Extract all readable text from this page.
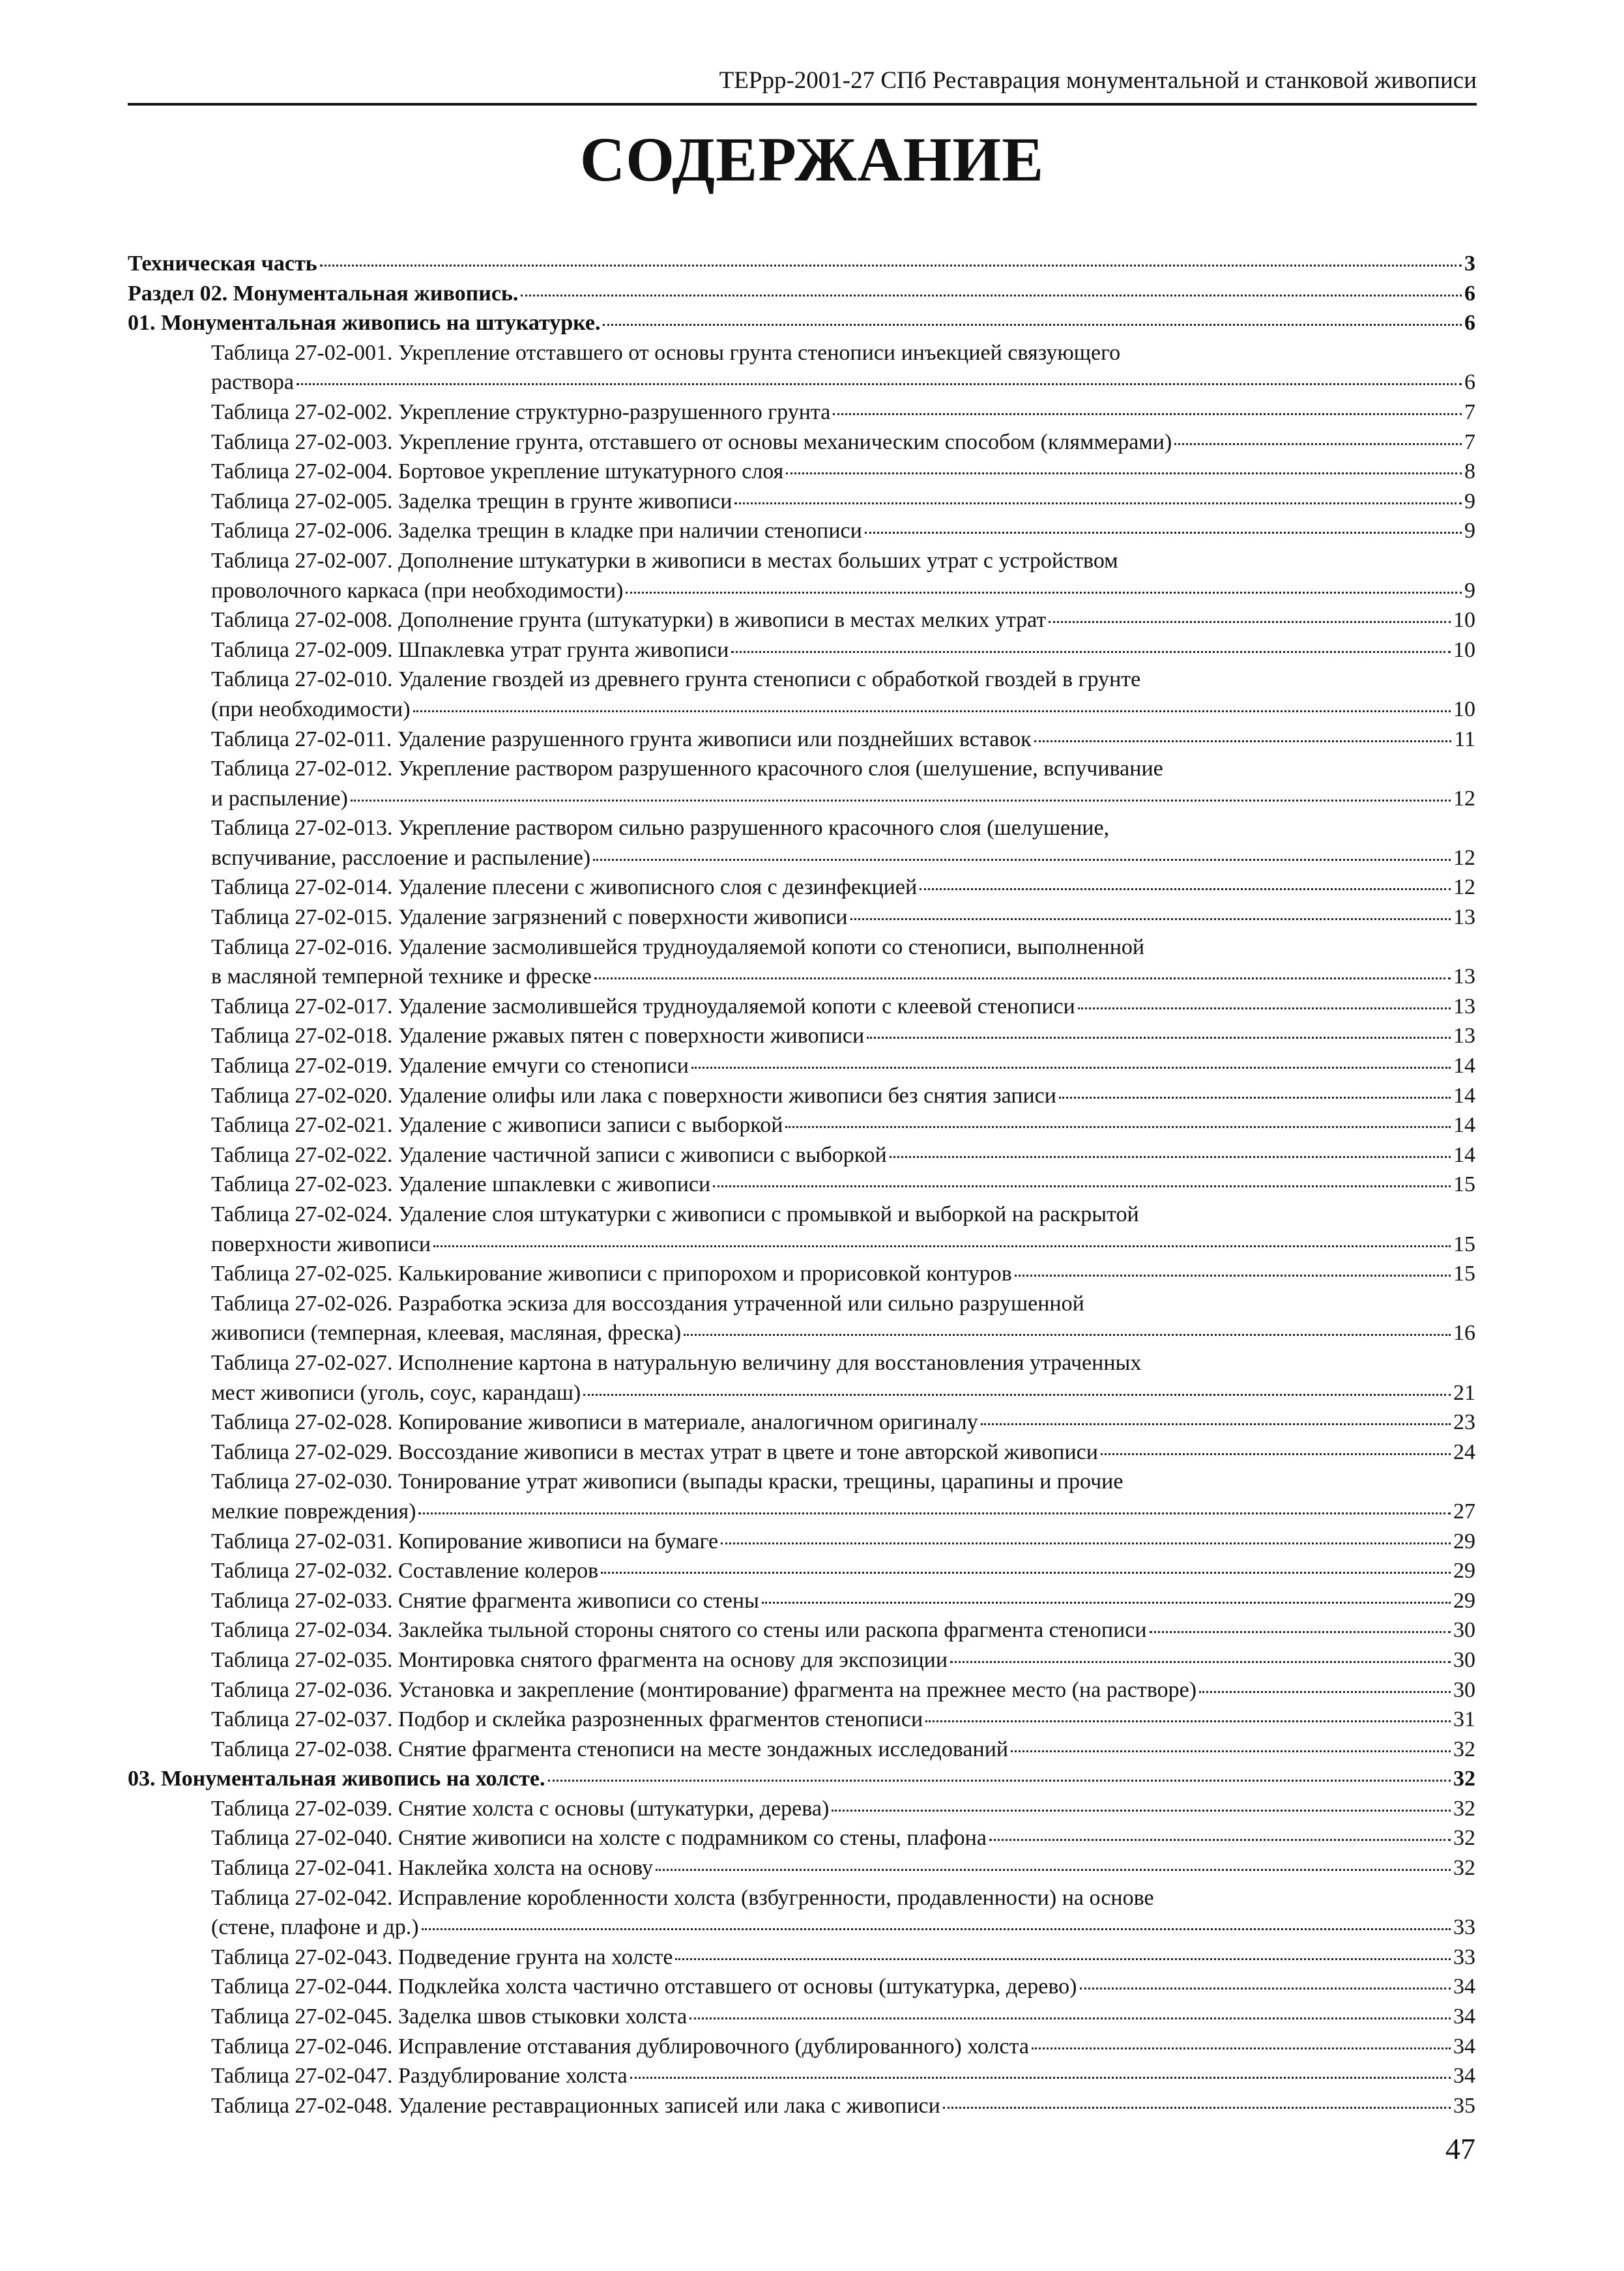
ТЕРрр-2001-27 СПб Реставрация монументальной и станковой живописи
СОДЕРЖАНИЕ
Техническая часть	3
Раздел 02. Монументальная живопись.	6
01. Монументальная живопись на штукатурке.	6
Таблица 27-02-001. Укрепление отставшего от основы грунта стенописи инъекцией связующего
раствора	6
Таблица 27-02-002. Укрепление структурно-разрушенного грунта	7
Таблица 27-02-003. Укрепление грунта, отставшего от основы механическим способом (кляммерами)	7
Таблица 27-02-004. Бортовое укрепление штукатурного слоя	8
Таблица 27-02-005. Заделка трещин в грунте живописи	9
Таблица 27-02-006. Заделка трещин в кладке при наличии стенописи	9
Таблица 27-02-007. Дополнение штукатурки в живописи в местах больших утрат с устройством
проволочного каркаса (при необходимости)	9
Таблица 27-02-008. Дополнение грунта (штукатурки) в живописи в местах мелких утрат	10
Таблица 27-02-009. Шпаклевка утрат грунта живописи	10
Таблица 27-02-010. Удаление гвоздей из древнего грунта стенописи с обработкой гвоздей в грунте
(при необходимости)	10
Таблица 27-02-011. Удаление разрушенного грунта живописи или позднейших вставок	11
Таблица 27-02-012. Укрепление раствором разрушенного красочного слоя (шелушение, вспучивание
и распыление)	12
Таблица 27-02-013. Укрепление раствором сильно разрушенного красочного слоя (шелушение,
вспучивание, расслоение и распыление)	12
Таблица 27-02-014. Удаление плесени с живописного слоя с дезинфекцией	12
Таблица 27-02-015. Удаление загрязнений с поверхности живописи	13
Таблица 27-02-016. Удаление засмолившейся трудноудаляемой копоти со стенописи, выполненной
в масляной темперной технике и фреске	13
Таблица 27-02-017. Удаление засмолившейся трудноудаляемой копоти с клеевой стенописи	13
Таблица 27-02-018. Удаление ржавых пятен с поверхности живописи	13
Таблица 27-02-019. Удаление емчуги со стенописи	14
Таблица 27-02-020. Удаление олифы или лака с поверхности живописи без снятия записи	14
Таблица 27-02-021. Удаление с живописи записи с выборкой	14
Таблица 27-02-022. Удаление частичной записи с живописи с выборкой	14
Таблица 27-02-023. Удаление шпаклевки с живописи	15
Таблица 27-02-024. Удаление слоя штукатурки с живописи с промывкой и выборкой на раскрытой
поверхности живописи	15
Таблица 27-02-025. Калькирование живописи с припорохом и прорисовкой контуров	15
Таблица 27-02-026. Разработка эскиза для воссоздания утраченной или сильно разрушенной
живописи (темперная, клеевая, масляная, фреска)	16
Таблица 27-02-027. Исполнение картона в натуральную величину для восстановления утраченных
мест живописи (уголь, соус, карандаш)	21
Таблица 27-02-028. Копирование живописи в материале, аналогичном оригиналу	23
Таблица 27-02-029. Воссоздание живописи в местах утрат в цвете и тоне авторской живописи	24
Таблица 27-02-030. Тонирование утрат живописи (выпады краски, трещины, царапины и прочие
мелкие повреждения)	27
Таблица 27-02-031. Копирование живописи на бумаге	29
Таблица 27-02-032. Составление колеров	29
Таблица 27-02-033. Снятие фрагмента живописи со стены	29
Таблица 27-02-034. Заклейка тыльной стороны снятого со стены или раскопа фрагмента стенописи	30
Таблица 27-02-035. Монтировка снятого фрагмента на основу для экспозиции	30
Таблица 27-02-036. Установка и закрепление (монтирование) фрагмента на прежнее место (на растворе)	30
Таблица 27-02-037. Подбор и склейка разрозненных фрагментов стенописи	31
Таблица 27-02-038. Снятие фрагмента стенописи на месте зондажных исследований	32
03. Монументальная живопись на холсте.	32
Таблица 27-02-039. Снятие холста с основы (штукатурки, дерева)	32
Таблица 27-02-040. Снятие живописи на холсте с подрамником со стены, плафона	32
Таблица 27-02-041. Наклейка холста на основу	32
Таблица 27-02-042. Исправление коробленности холста (взбугренности, продавленности) на основе
(стене, плафоне и др.)	33
Таблица 27-02-043. Подведение грунта на холсте	33
Таблица 27-02-044. Подклейка холста частично отставшего от основы (штукатурка, дерево)	34
Таблица 27-02-045. Заделка швов стыковки холста	34
Таблица 27-02-046. Исправление отставания дублировочного (дублированного) холста	34
Таблица 27-02-047. Раздублирование холста	34
Таблица 27-02-048. Удаление реставрационных записей или лака с живописи	35
47
